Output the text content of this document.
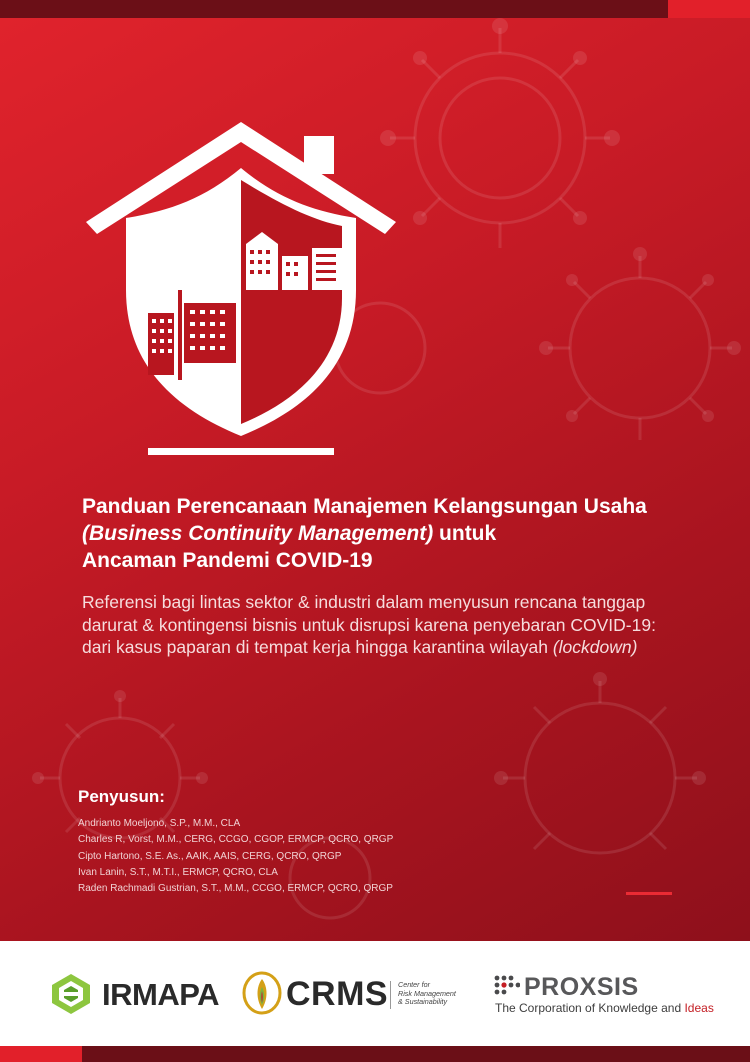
Panduan Perencanaan Manajemen Kelangsungan Usaha
(Business Continuity Management) untuk
Ancaman Pandemi COVID-19
Referensi bagi lintas sektor & industri dalam menyusun rencana tanggap darurat & kontingensi bisnis untuk disrupsi karena penyebaran COVID-19: dari kasus paparan di tempat kerja hingga karantina wilayah (lockdown)
Penyusun:
Andrianto Moeljono, S.P., M.M., CLA
Charles R, Vorst, M.M., CERG, CCGO, CGOP, ERMCP, QCRO, QRGP
Cipto Hartono, S.E. As., AAIK, AAIS, CERG, QCRO, QRGP
Ivan Lanin, S.T., M.T.I., ERMCP, QCRO, CLA
Raden Rachmadi Gustrian, S.T., M.M., CCGO, ERMCP, QCRO, QRGP
IRMAPA CRMS Center for
Risk Management
& Sustainability
PROXSIS
The Corporation of Knowledge and Ideas
